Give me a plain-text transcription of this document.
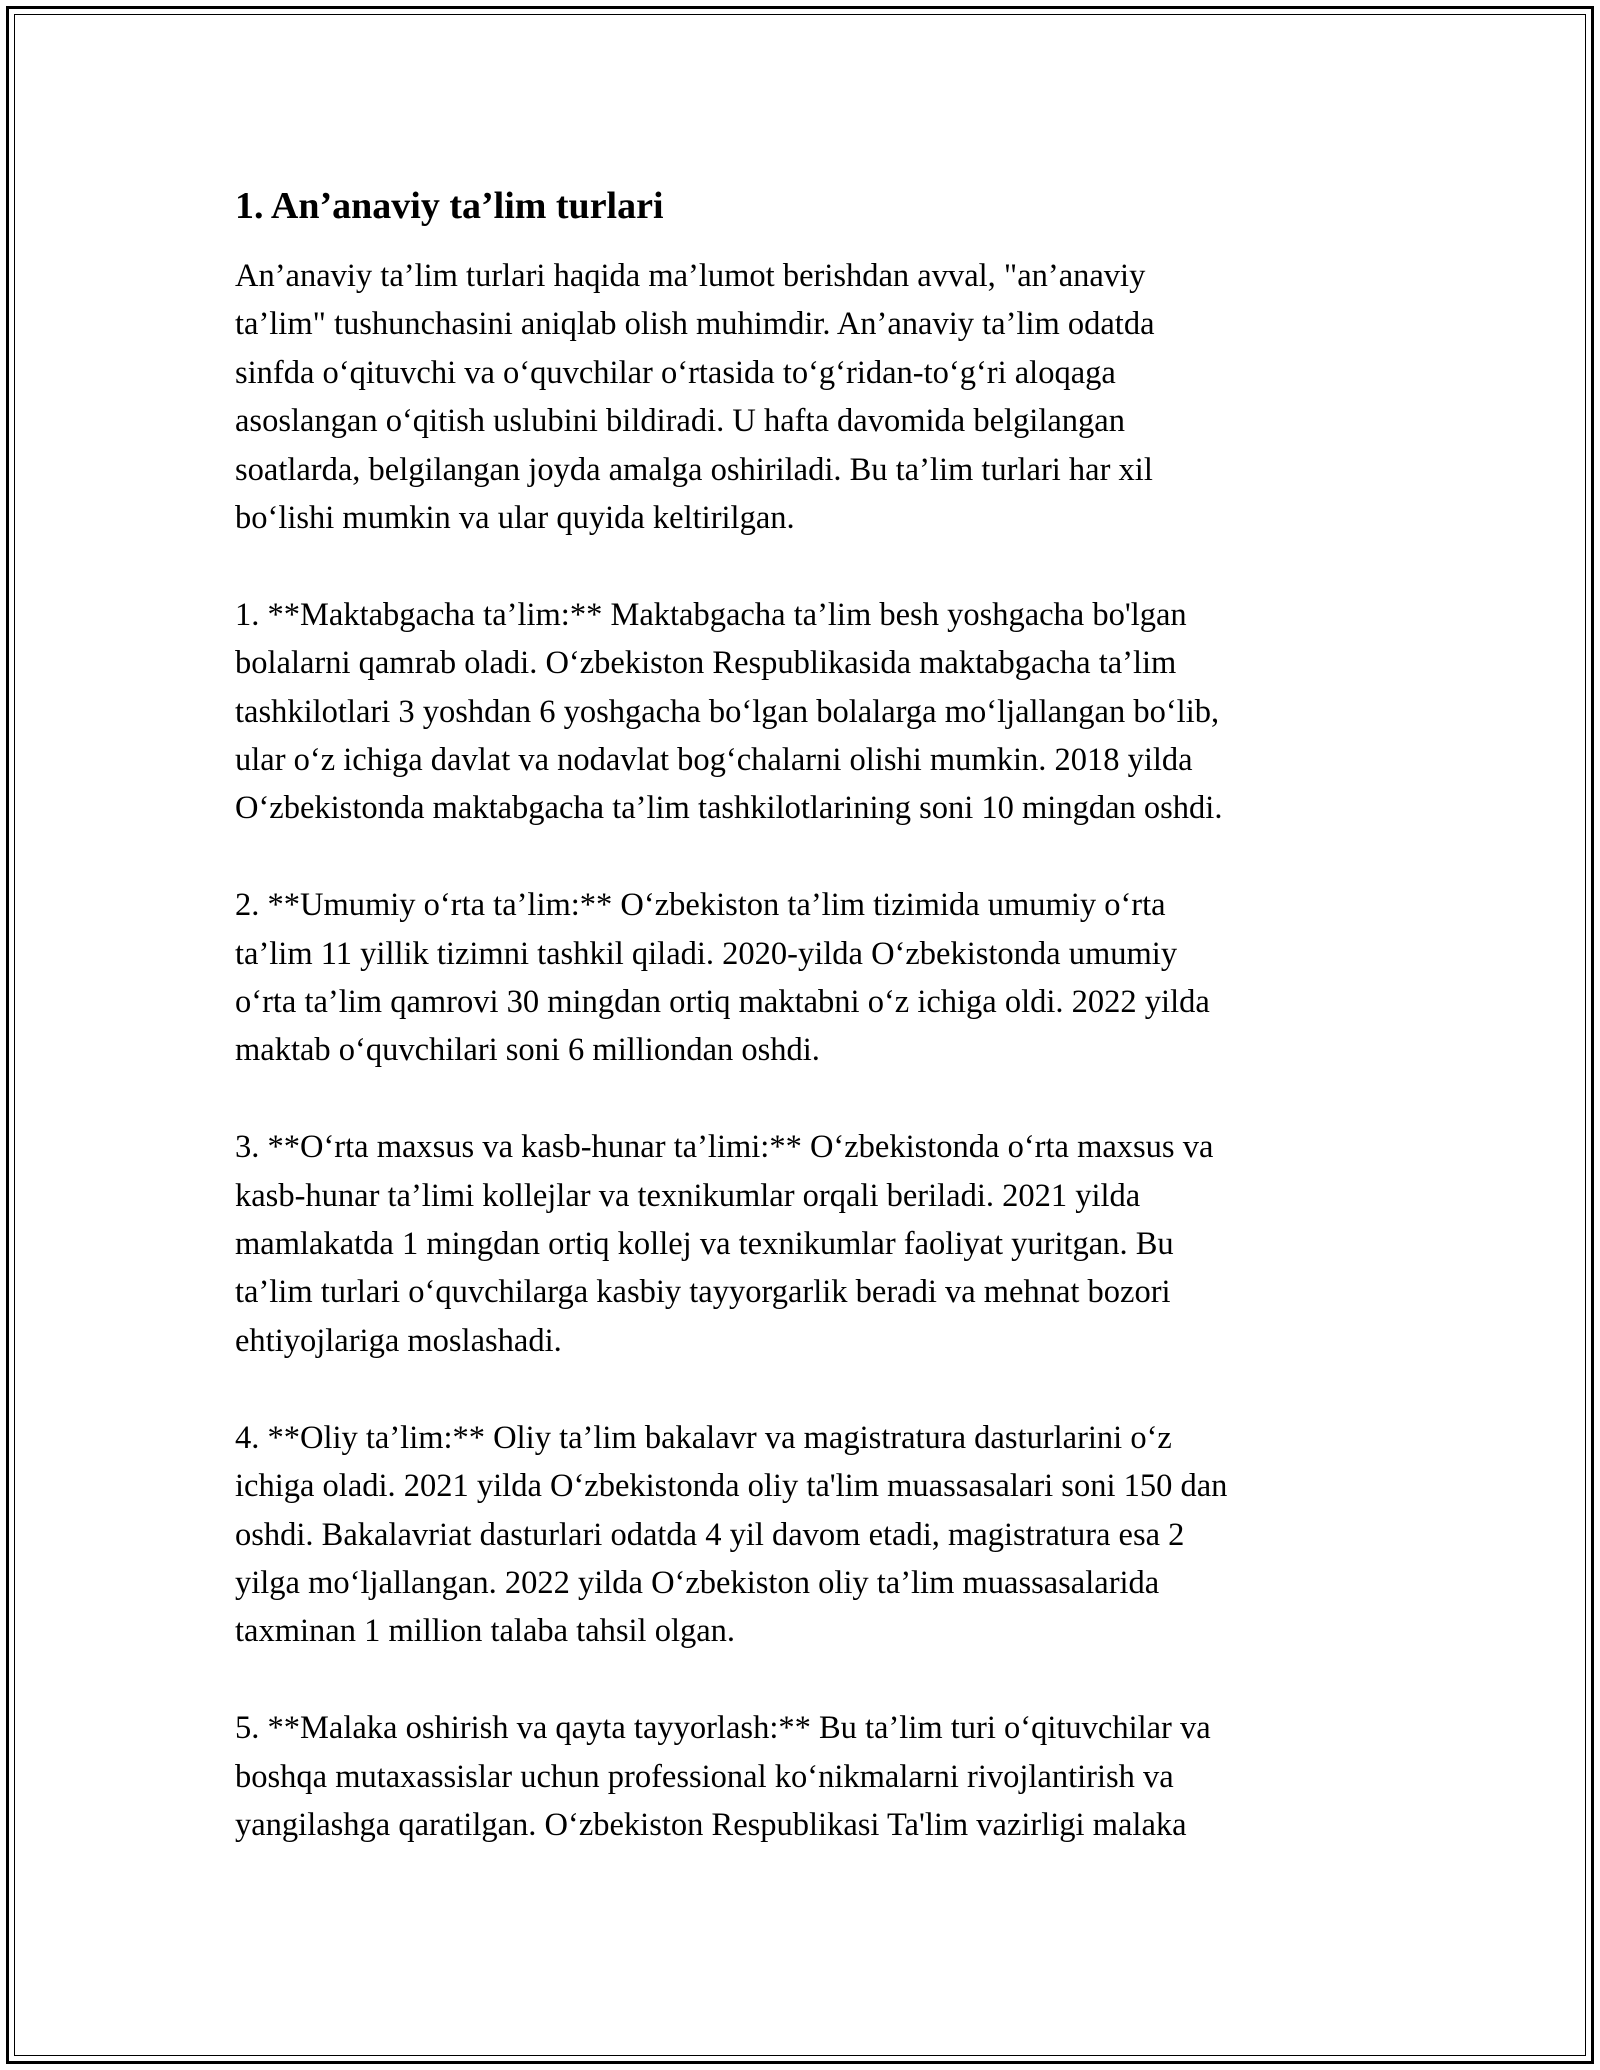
1. An’anaviy ta’lim turlari

An’anaviy ta’lim turlari haqida ma’lumot berishdan avval, "an’anaviy
ta’lim" tushunchasini aniqlab olish muhimdir. An’anaviy ta’lim odatda
sinfda o‘qituvchi va o‘quvchilar o‘rtasida to‘g‘ridan-to‘g‘ri aloqaga
asoslangan o‘qitish uslubini bildiradi. U hafta davomida belgilangan
soatlarda, belgilangan joyda amalga oshiriladi. Bu ta’lim turlari har xil
bo‘lishi mumkin va ular quyida keltirilgan.

1. **Maktabgacha ta’lim:** Maktabgacha ta’lim besh yoshgacha bo'lgan
bolalarni qamrab oladi. O‘zbekiston Respublikasida maktabgacha ta’lim
tashkilotlari 3 yoshdan 6 yoshgacha bo‘lgan bolalarga mo‘ljallangan bo‘lib,
ular o‘z ichiga davlat va nodavlat bog‘chalarni olishi mumkin. 2018 yilda
O‘zbekistonda maktabgacha ta’lim tashkilotlarining soni 10 mingdan oshdi.

2. **Umumiy o‘rta ta’lim:** O‘zbekiston ta’lim tizimida umumiy o‘rta
ta’lim 11 yillik tizimni tashkil qiladi. 2020-yilda O‘zbekistonda umumiy
o‘rta ta’lim qamrovi 30 mingdan ortiq maktabni o‘z ichiga oldi. 2022 yilda
maktab o‘quvchilari soni 6 milliondan oshdi.

3. **O‘rta maxsus va kasb-hunar ta’limi:** O‘zbekistonda o‘rta maxsus va
kasb-hunar ta’limi kollejlar va texnikumlar orqali beriladi. 2021 yilda
mamlakatda 1 mingdan ortiq kollej va texnikumlar faoliyat yuritgan. Bu
ta’lim turlari o‘quvchilarga kasbiy tayyorgarlik beradi va mehnat bozori
ehtiyojlariga moslashadi.

4. **Oliy ta’lim:** Oliy ta’lim bakalavr va magistratura dasturlarini o‘z
ichiga oladi. 2021 yilda O‘zbekistonda oliy ta'lim muassasalari soni 150 dan
oshdi. Bakalavriat dasturlari odatda 4 yil davom etadi, magistratura esa 2
yilga mo‘ljallangan. 2022 yilda O‘zbekiston oliy ta’lim muassasalarida
taxminan 1 million talaba tahsil olgan.

5. **Malaka oshirish va qayta tayyorlash:** Bu ta’lim turi o‘qituvchilar va
boshqa mutaxassislar uchun professional ko‘nikmalarni rivojlantirish va
yangilashga qaratilgan. O‘zbekiston Respublikasi Ta'lim vazirligi malaka
